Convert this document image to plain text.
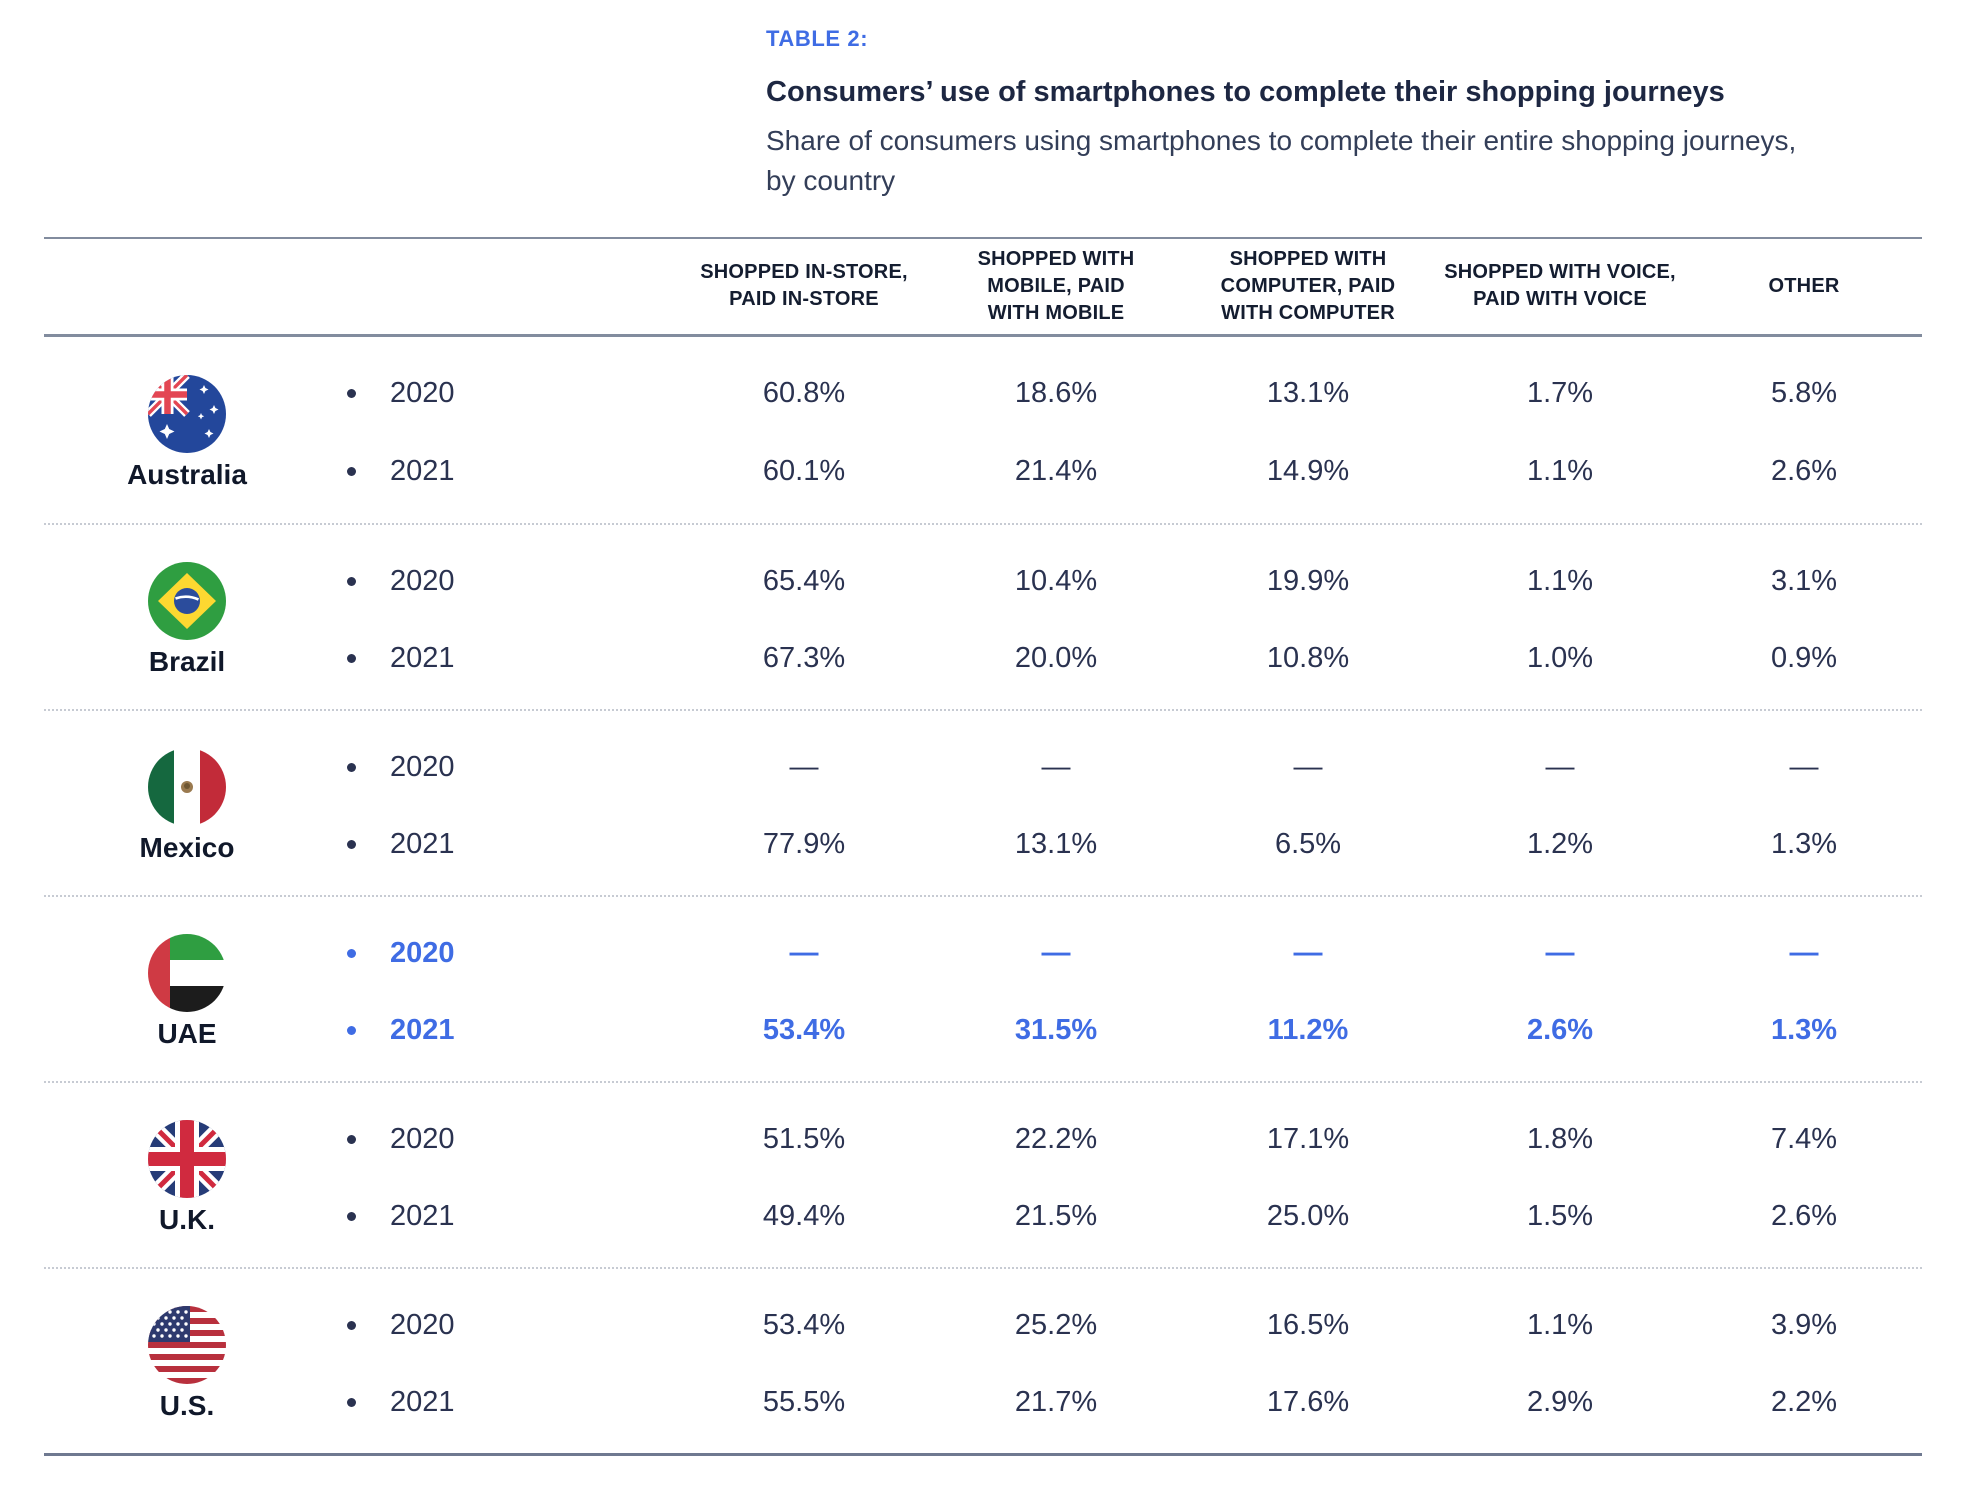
TABLE 2:
Consumers’ use of smartphones to complete their shopping journeys
Share of consumers using smartphones to complete their entire shopping journeys,
by country
SHOPPED IN-STORE, PAID IN-STORE
SHOPPED WITH MOBILE, PAID WITH MOBILE
SHOPPED WITH COMPUTER, PAID WITH COMPUTER
SHOPPED WITH VOICE, PAID WITH VOICE
OTHER
Australia
2020	60.8%	18.6%	13.1%	1.7%	5.8%
2021	60.1%	21.4%	14.9%	1.1%	2.6%
Brazil
2020	65.4%	10.4%	19.9%	1.1%	3.1%
2021	67.3%	20.0%	10.8%	1.0%	0.9%
Mexico
2020	—	—	—	—	—
2021	77.9%	13.1%	6.5%	1.2%	1.3%
UAE
2020	—	—	—	—	—
2021	53.4%	31.5%	11.2%	2.6%	1.3%
U.K.
2020	51.5%	22.2%	17.1%	1.8%	7.4%
2021	49.4%	21.5%	25.0%	1.5%	2.6%
U.S.
2020	53.4%	25.2%	16.5%	1.1%	3.9%
2021	55.5%	21.7%	17.6%	2.9%	2.2%
